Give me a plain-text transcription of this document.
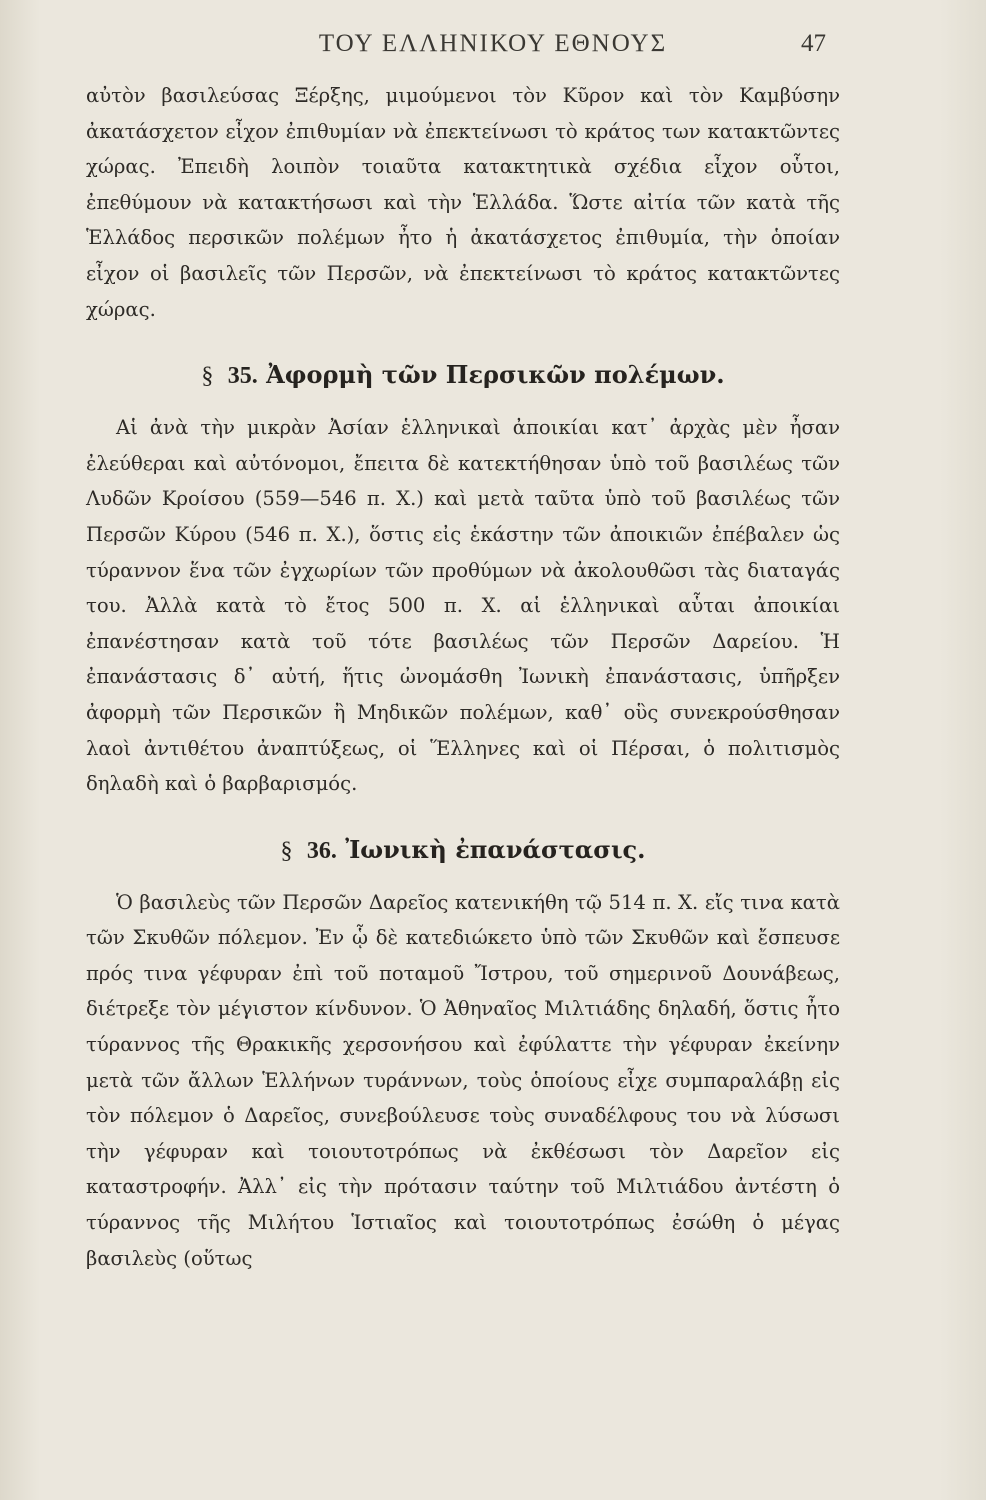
ΤΟΥ ΕΛΛΗΝΙΚΟΥ ΕΘΝΟΥΣ	47

αὐτὸν βασιλεύσας Ξέρξης, μιμούμενοι τὸν Κῦρον καὶ τὸν Καμβύσην ἀκατάσχετον εἶχον ἐπιθυμίαν νὰ ἐπεκτείνωσι τὸ κράτος των κατακτῶντες χώρας. Ἐπειδὴ λοιπὸν τοιαῦτα κατακτητικὰ σχέδια εἶχον οὗτοι, ἐπεθύμουν νὰ κατακτήσωσι καὶ τὴν Ἑλλάδα. Ὥστε αἰτία τῶν κατὰ τῆς Ἑλλάδος περσικῶν πολέμων ἦτο ἡ ἀκατάσχετος ἐπιθυμία, τὴν ὁποίαν εἶχον οἱ βασιλεῖς τῶν Περσῶν, νὰ ἐπεκτείνωσι τὸ κράτος κατακτῶντες χώρας.

§ 35. Ἀφορμὴ τῶν Περσικῶν πολέμων.

Αἱ ἀνὰ τὴν μικρὰν Ἀσίαν ἑλληνικαὶ ἀποικίαι κατ᾽ ἀρχὰς μὲν ἦσαν ἐλεύθεραι καὶ αὐτόνομοι, ἔπειτα δὲ κατεκτήθησαν ὑπὸ τοῦ βασιλέως τῶν Λυδῶν Κροίσου (559—546 π. Χ.) καὶ μετὰ ταῦτα ὑπὸ τοῦ βασιλέως τῶν Περσῶν Κύρου (546 π. Χ.), ὅστις εἰς ἑκάστην τῶν ἀποικιῶν ἐπέβαλεν ὡς τύραννον ἕνα τῶν ἐγχωρίων τῶν προθύμων νὰ ἀκολουθῶσι τὰς διαταγάς του. Ἀλλὰ κατὰ τὸ ἔτος 500 π. Χ. αἱ ἑλληνικαὶ αὗται ἀποικίαι ἐπανέστησαν κατὰ τοῦ τότε βασιλέως τῶν Περσῶν Δαρείου. Ἡ ἐπανάστασις δ᾽ αὐτή, ἥτις ὠνομάσθη Ἰωνικὴ ἐπανάστασις, ὑπῆρξεν ἀφορμὴ τῶν Περσικῶν ἢ Μηδικῶν πολέμων, καθ᾽ οὓς συνεκρούσθησαν λαοὶ ἀντιθέτου ἀναπτύξεως, οἱ Ἕλληνες καὶ οἱ Πέρσαι, ὁ πολιτισμὸς δηλαδὴ καὶ ὁ βαρβαρισμός.

§ 36. Ἰωνικὴ ἐπανάστασις.

Ὁ βασιλεὺς τῶν Περσῶν Δαρεῖος κατενικήθη τῷ 514 π. Χ. εἴς τινα κατὰ τῶν Σκυθῶν πόλεμον. Ἐν ᾧ δὲ κατεδιώκετο ὑπὸ τῶν Σκυθῶν καὶ ἔσπευσε πρός τινα γέφυραν ἐπὶ τοῦ ποταμοῦ Ἴστρου, τοῦ σημερινοῦ Δουνάβεως, διέτρεξε τὸν μέγιστον κίνδυνον. Ὁ Ἀθηναῖος Μιλτιάδης δηλαδή, ὅστις ἦτο τύραννος τῆς Θρακικῆς χερσονήσου καὶ ἐφύλαττε τὴν γέφυραν ἐκείνην μετὰ τῶν ἄλλων Ἑλλήνων τυράννων, τοὺς ὁποίους εἶχε συμπαραλάβῃ εἰς τὸν πόλεμον ὁ Δαρεῖος, συνεβούλευσε τοὺς συναδέλφους του νὰ λύσωσι τὴν γέφυραν καὶ τοιουτοτρόπως νὰ ἐκθέσωσι τὸν Δαρεῖον εἰς καταστροφήν. Ἀλλ᾽ εἰς τὴν πρότασιν ταύτην τοῦ Μιλτιάδου ἀντέστη ὁ τύραννος τῆς Μιλήτου Ἱστιαῖος καὶ τοιουτοτρόπως ἐσώθη ὁ μέγας βασιλεὺς (οὕτως
